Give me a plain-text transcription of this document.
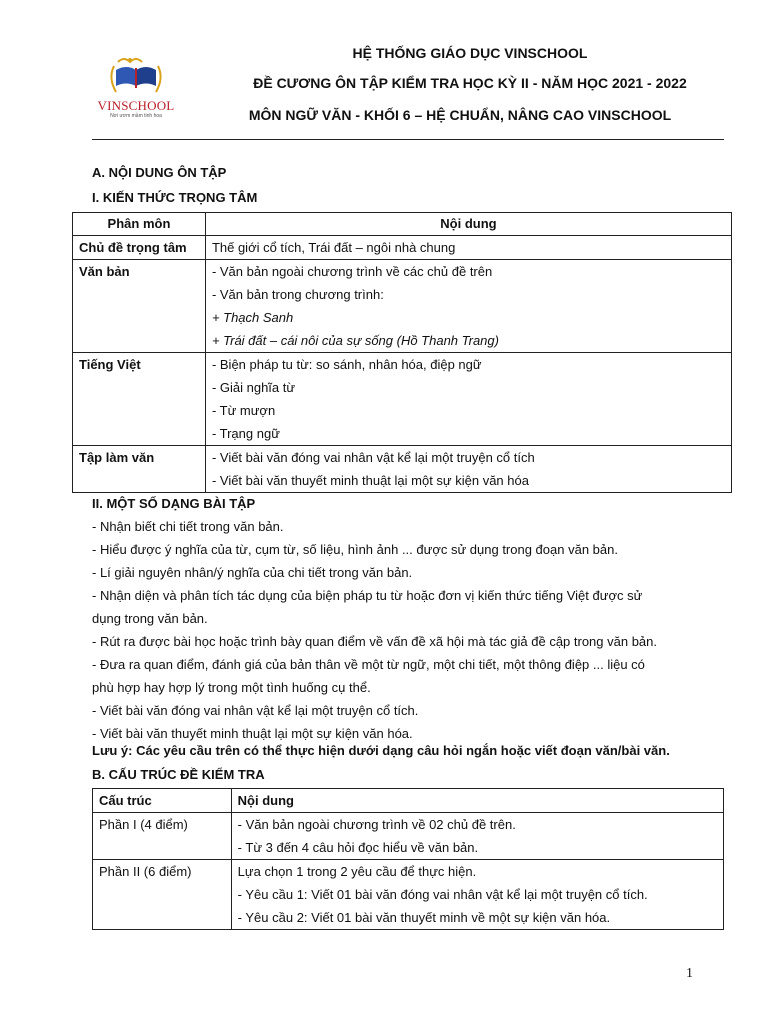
VINSCHOOL
Nơi ươm mầm tinh hoa
HỆ THỐNG GIÁO DỤC VINSCHOOL
ĐỀ CƯƠNG ÔN TẬP KIỂM TRA HỌC KỲ II - NĂM HỌC 2021 - 2022
MÔN NGỮ VĂN - KHỐI 6 – HỆ CHUẨN, NÂNG CAO VINSCHOOL
A. NỘI DUNG ÔN TẬP
I. KIẾN THỨC TRỌNG TÂM
Phân môn	Nội dung

Chủ đề trọng tâm	Thế giới cổ tích, Trái đất – ngôi nhà chung

Văn bản	- Văn bản ngoài chương trình về các chủ đề trên
- Văn bản trong chương trình:
+ Thạch Sanh
+ Trái đất – cái nôi của sự sống (Hồ Thanh Trang)

Tiếng Việt	- Biện pháp tu từ: so sánh, nhân hóa, điệp ngữ
- Giải nghĩa từ
- Từ mượn
- Trạng ngữ

Tập làm văn	- Viết bài văn đóng vai nhân vật kể lại một truyện cổ tích
- Viết bài văn thuyết minh thuật lại một sự kiện văn hóa
II. MỘT SỐ DẠNG BÀI TẬP
- Nhận biết chi tiết trong văn bản.
- Hiểu được ý nghĩa của từ, cụm từ, số liệu, hình ảnh ... được sử dụng trong đoạn văn bản.
- Lí giải nguyên nhân/ý nghĩa của chi tiết trong văn bản.
- Nhận diện và phân tích tác dụng của biện pháp tu từ hoặc đơn vị kiến thức tiếng Việt được sử
dụng trong văn bản.
- Rút ra được bài học hoặc trình bày quan điểm về vấn đề xã hội mà tác giả đề cập trong văn bản.
- Đưa ra quan điểm, đánh giá của bản thân về một từ ngữ, một chi tiết, một thông điệp ... liệu có
phù hợp hay hợp lý trong một tình huống cụ thể.
- Viết bài văn đóng vai nhân vật kể lại một truyện cổ tích.
- Viết bài văn thuyết minh thuật lại một sự kiện văn hóa.
Lưu ý: Các yêu cầu trên có thể thực hiện dưới dạng câu hỏi ngắn hoặc viết đoạn văn/bài văn.
B. CẤU TRÚC ĐỀ KIỂM TRA
Cấu trúc	Nội dung

Phần I (4 điểm)	- Văn bản ngoài chương trình về 02 chủ đề trên.
- Từ 3 đến 4 câu hỏi đọc hiểu về văn bản.

Phần II (6 điểm)	Lựa chọn 1 trong 2 yêu cầu để thực hiện.
- Yêu cầu 1: Viết 01 bài văn đóng vai nhân vật kể lại một truyện cổ tích.
- Yêu cầu 2: Viết 01 bài văn thuyết minh về một sự kiện văn hóa.
1
